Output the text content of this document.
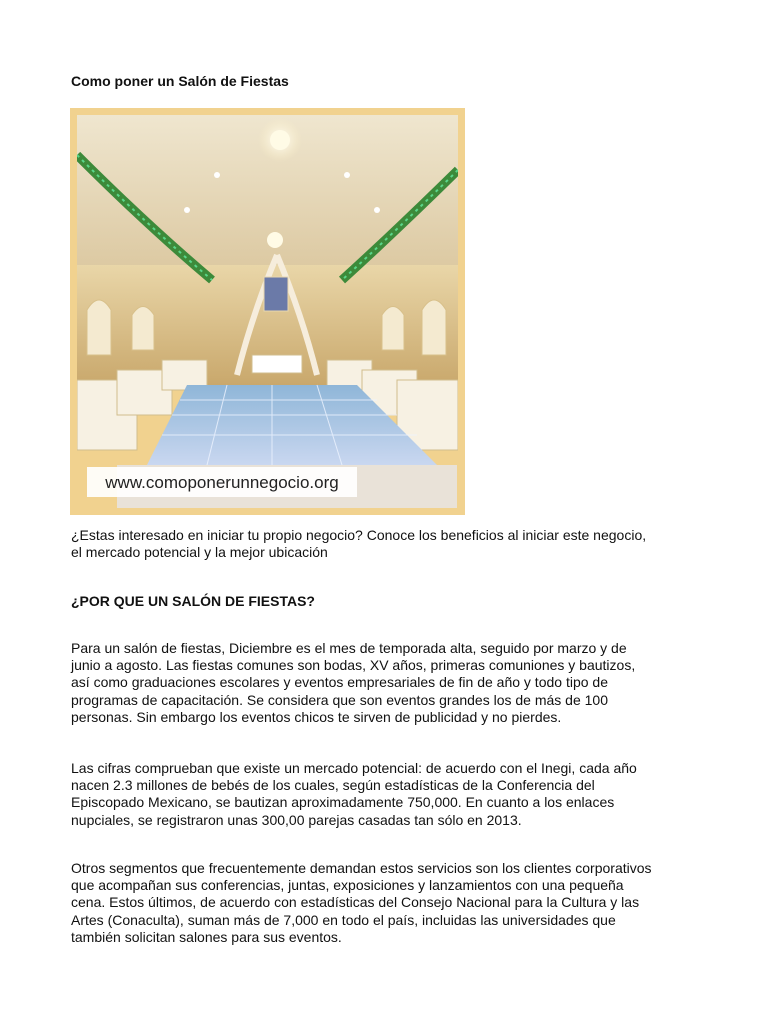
Como poner un Salón de Fiestas
www.comoponerunnegocio.org

¿Estas interesado en iniciar tu propio negocio? Conoce los beneficios al iniciar este negocio,
el mercado potencial y la mejor ubicación

¿POR QUE UN SALÓN DE FIESTAS?

Para un salón de fiestas, Diciembre es el mes de temporada alta, seguido por marzo y de
junio a agosto. Las fiestas comunes son bodas, XV años, primeras comuniones y bautizos,
así como graduaciones escolares y eventos empresariales de fin de año y todo tipo de
programas de capacitación. Se considera que son eventos grandes los de más de 100
personas. Sin embargo los eventos chicos te sirven de publicidad y no pierdes.

Las cifras comprueban que existe un mercado potencial: de acuerdo con el Inegi, cada año
nacen 2.3 millones de bebés de los cuales, según estadísticas de la Conferencia del
Episcopado Mexicano, se bautizan aproximadamente 750,000. En cuanto a los enlaces
nupciales, se registraron unas 300,00 parejas casadas tan sólo en 2013.

Otros segmentos que frecuentemente demandan estos servicios son los clientes corporativos
que acompañan sus conferencias, juntas, exposiciones y lanzamientos con una pequeña
cena. Estos últimos, de acuerdo con estadísticas del Consejo Nacional para la Cultura y las
Artes (Conaculta), suman más de 7,000 en todo el país, incluidas las universidades que
también solicitan salones para sus eventos.
